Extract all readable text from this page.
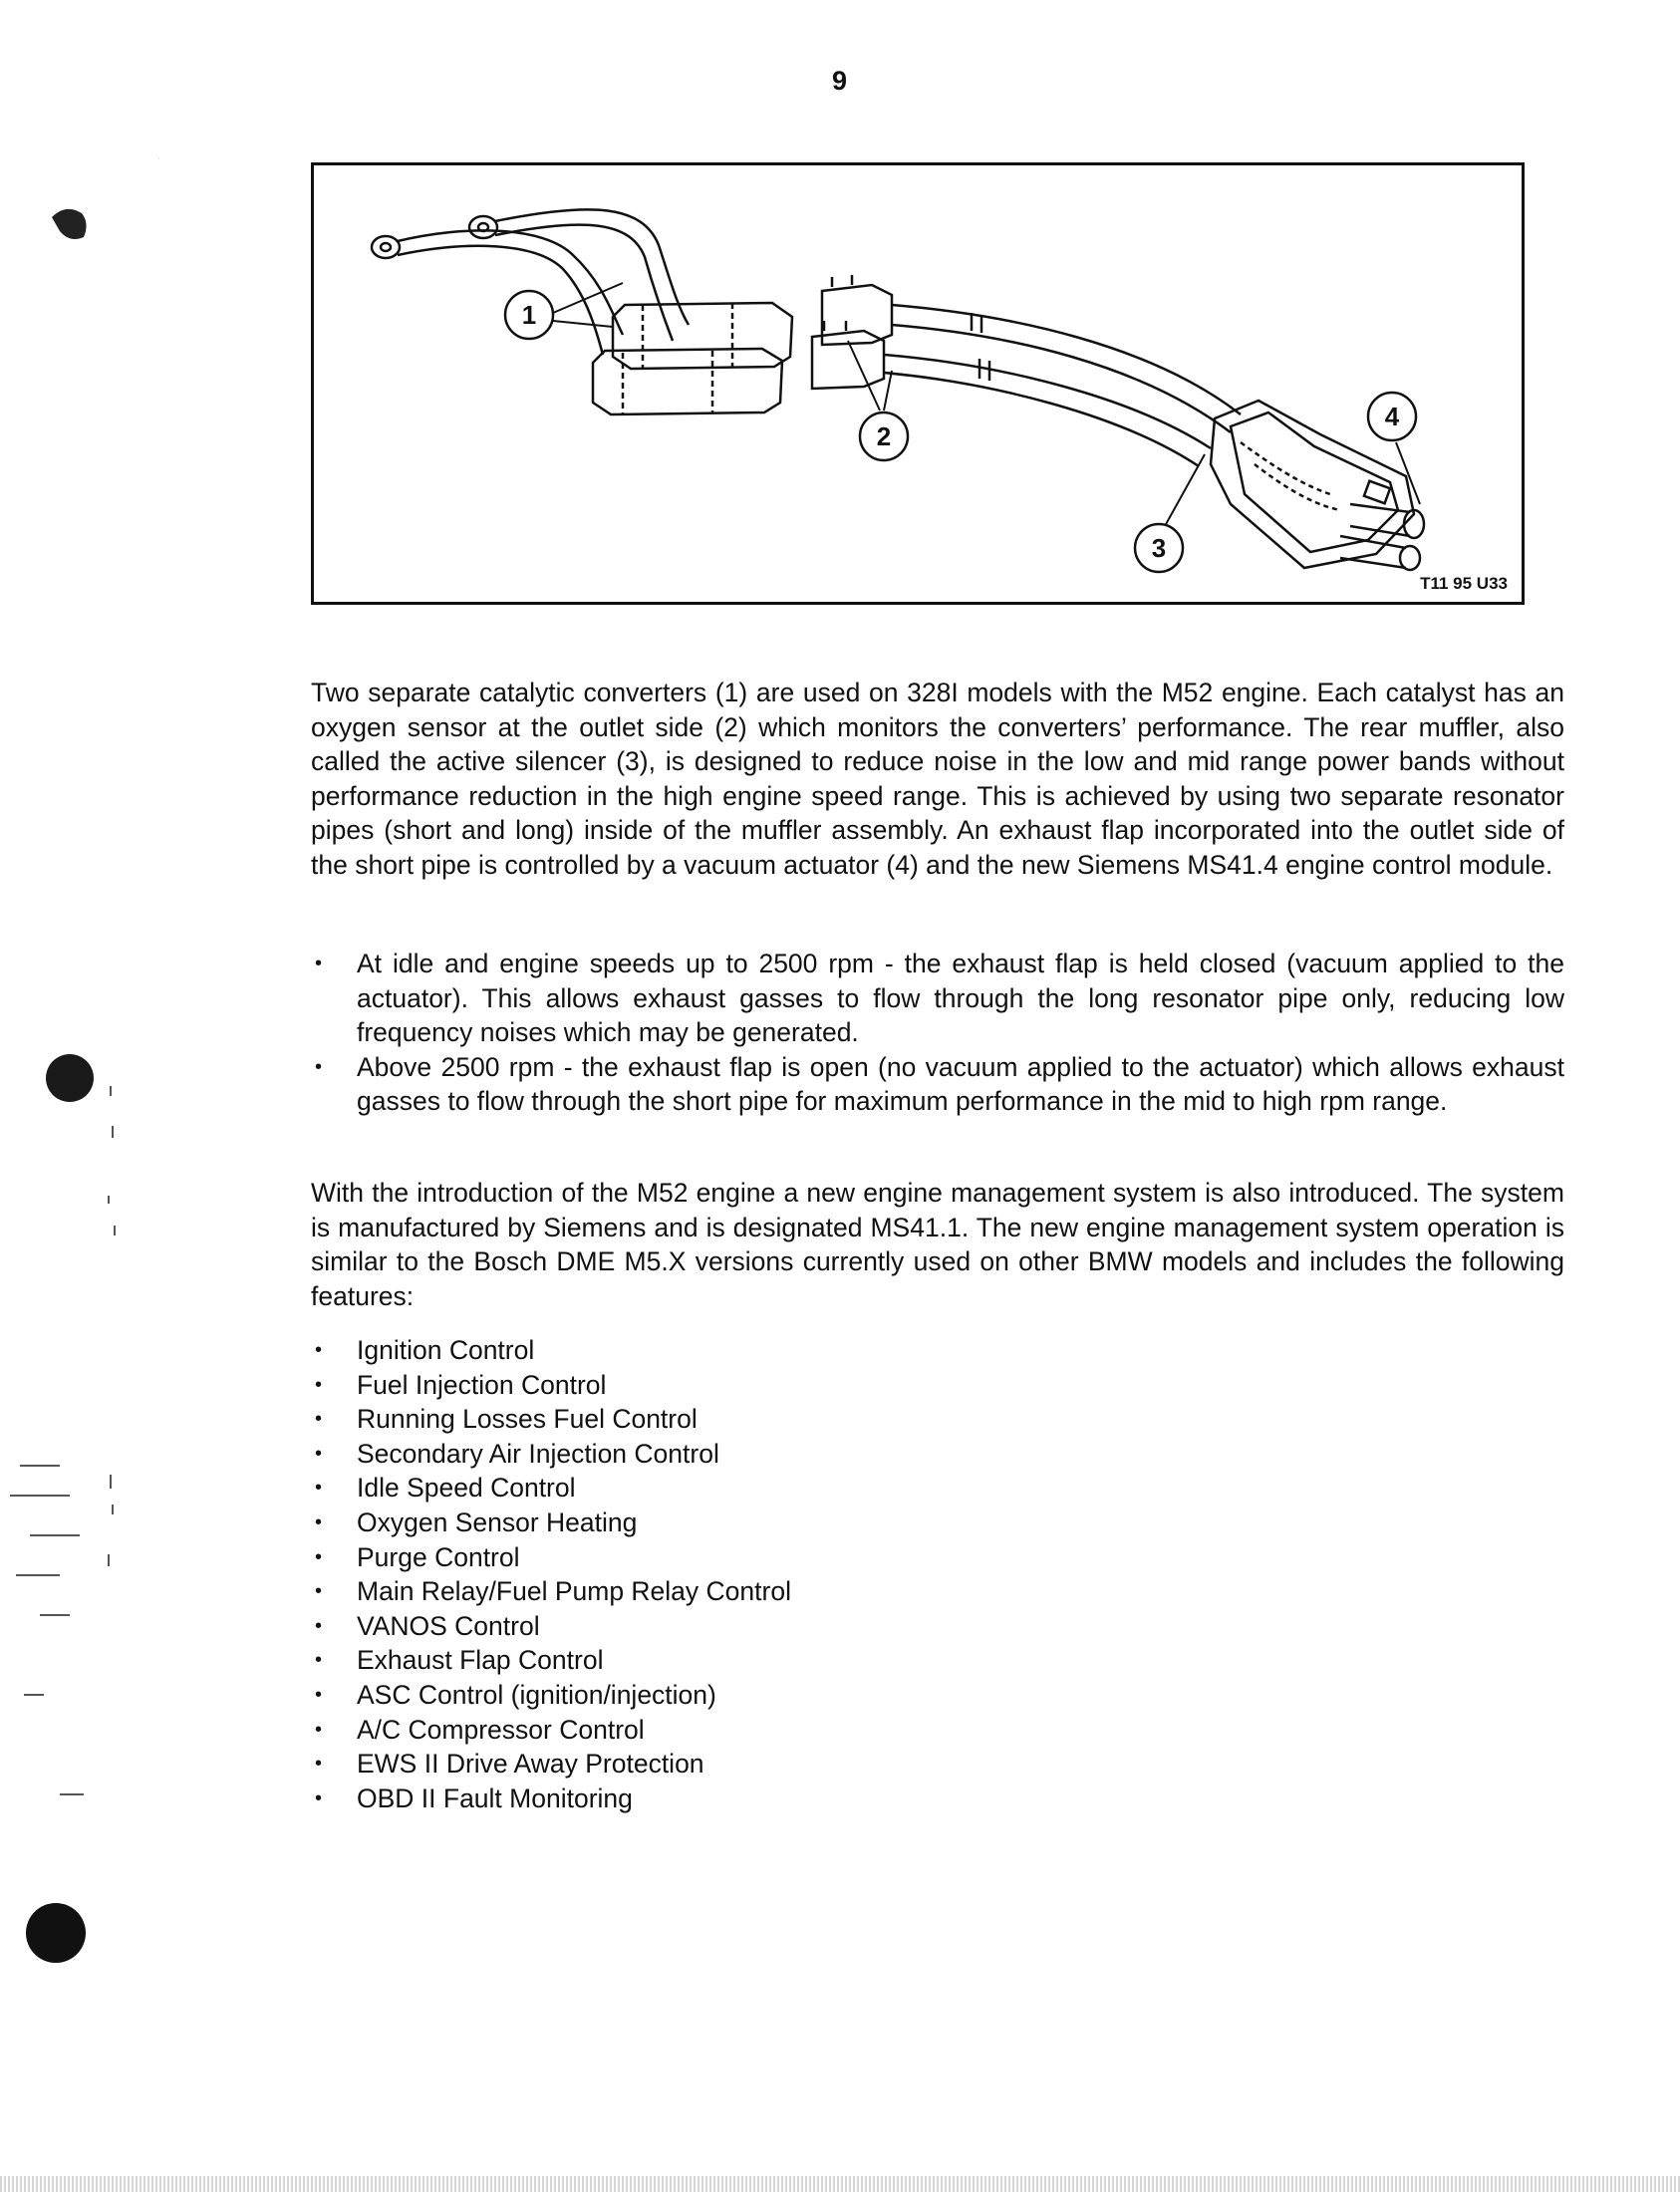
9
1
2
3
4
T11 95 U33

Two separate catalytic converters (1) are used on 328I models with the M52 engine. Each catalyst has an oxygen sensor at the outlet side (2) which monitors the converters’ performance. The rear muffler, also called the active silencer (3), is designed to reduce noise in the low and mid range power bands without performance reduction in the high engine speed range. This is achieved by using two separate resonator pipes (short and long) inside of the muffler assembly. An exhaust flap incorporated into the outlet side of the short pipe is controlled by a vacuum actuator (4) and the new Siemens MS41.4 engine control module.

• At idle and engine speeds up to 2500 rpm - the exhaust flap is held closed (vacuum applied to the actuator). This allows exhaust gasses to flow through the long resonator pipe only, reducing low frequency noises which may be generated.
• Above 2500 rpm - the exhaust flap is open (no vacuum applied to the actuator) which allows exhaust gasses to flow through the short pipe for maximum performance in the mid to high rpm range.

With the introduction of the M52 engine a new engine management system is also introduced. The system is manufactured by Siemens and is designated MS41.1. The new engine management system operation is similar to the Bosch DME M5.X versions currently used on other BMW models and includes the following features:

• Ignition Control
• Fuel Injection Control
• Running Losses Fuel Control
• Secondary Air Injection Control
• Idle Speed Control
• Oxygen Sensor Heating
• Purge Control
• Main Relay/Fuel Pump Relay Control
• VANOS Control
• Exhaust Flap Control
• ASC Control (ignition/injection)
• A/C Compressor Control
• EWS II Drive Away Protection
• OBD II Fault Monitoring
